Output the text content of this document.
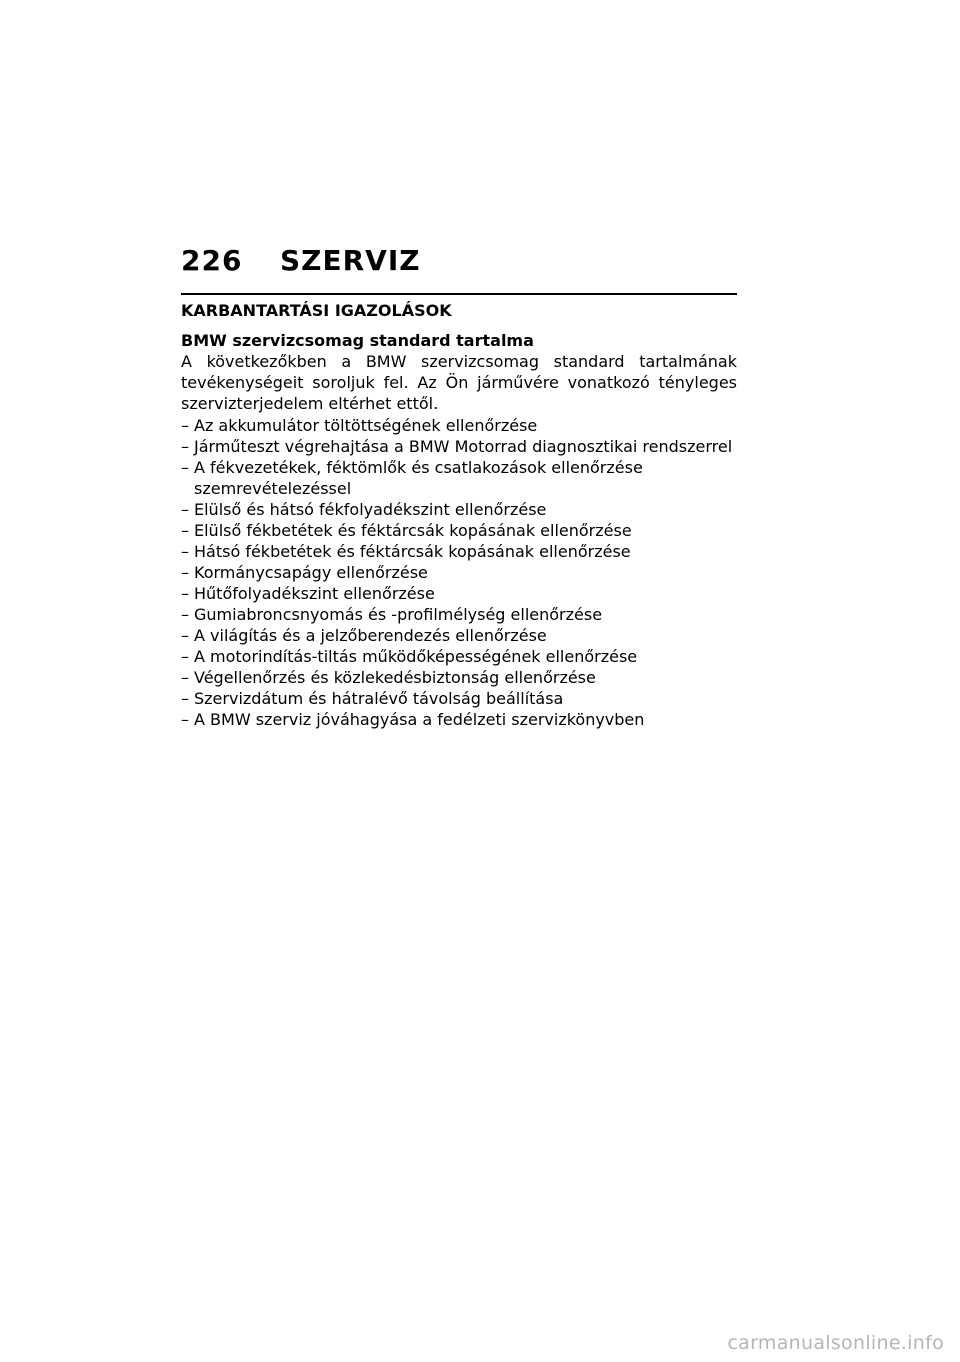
226	SZERVIZ
KARBANTARTÁSI IGAZOLÁSOK
BMW szervizcsomag standard tartalma

A következőkben a BMW szervizcsomag standard tartalmának tevékenységeit soroljuk fel. Az Ön járművére vonatkozó tényleges szervizterjedelem eltérhet ettől.

– Az akkumulátor töltöttségének ellenőrzése
– Járműteszt végrehajtása a BMW Motorrad diagnosztikai rendszerrel
– A fékvezetékek, féktömlők és csatlakozások ellenőrzése szemrevételezéssel
– Elülső és hátsó fékfolyadékszint ellenőrzése
– Elülső fékbetétek és féktárcsák kopásának ellenőrzése
– Hátsó fékbetétek és féktárcsák kopásának ellenőrzése
– Kormánycsapágy ellenőrzése
– Hűtőfolyadékszint ellenőrzése
– Gumiabroncsnyomás és -profilmélység ellenőrzése
– A világítás és a jelzőberendezés ellenőrzése
– A motorindítás-tiltás működőképességének ellenőrzése
– Végellenőrzés és közlekedésbiztonság ellenőrzése
– Szervizdátum és hátralévő távolság beállítása
– A BMW szerviz jóváhagyása a fedélzeti szervizkönyvben
carmanualsonline.info
